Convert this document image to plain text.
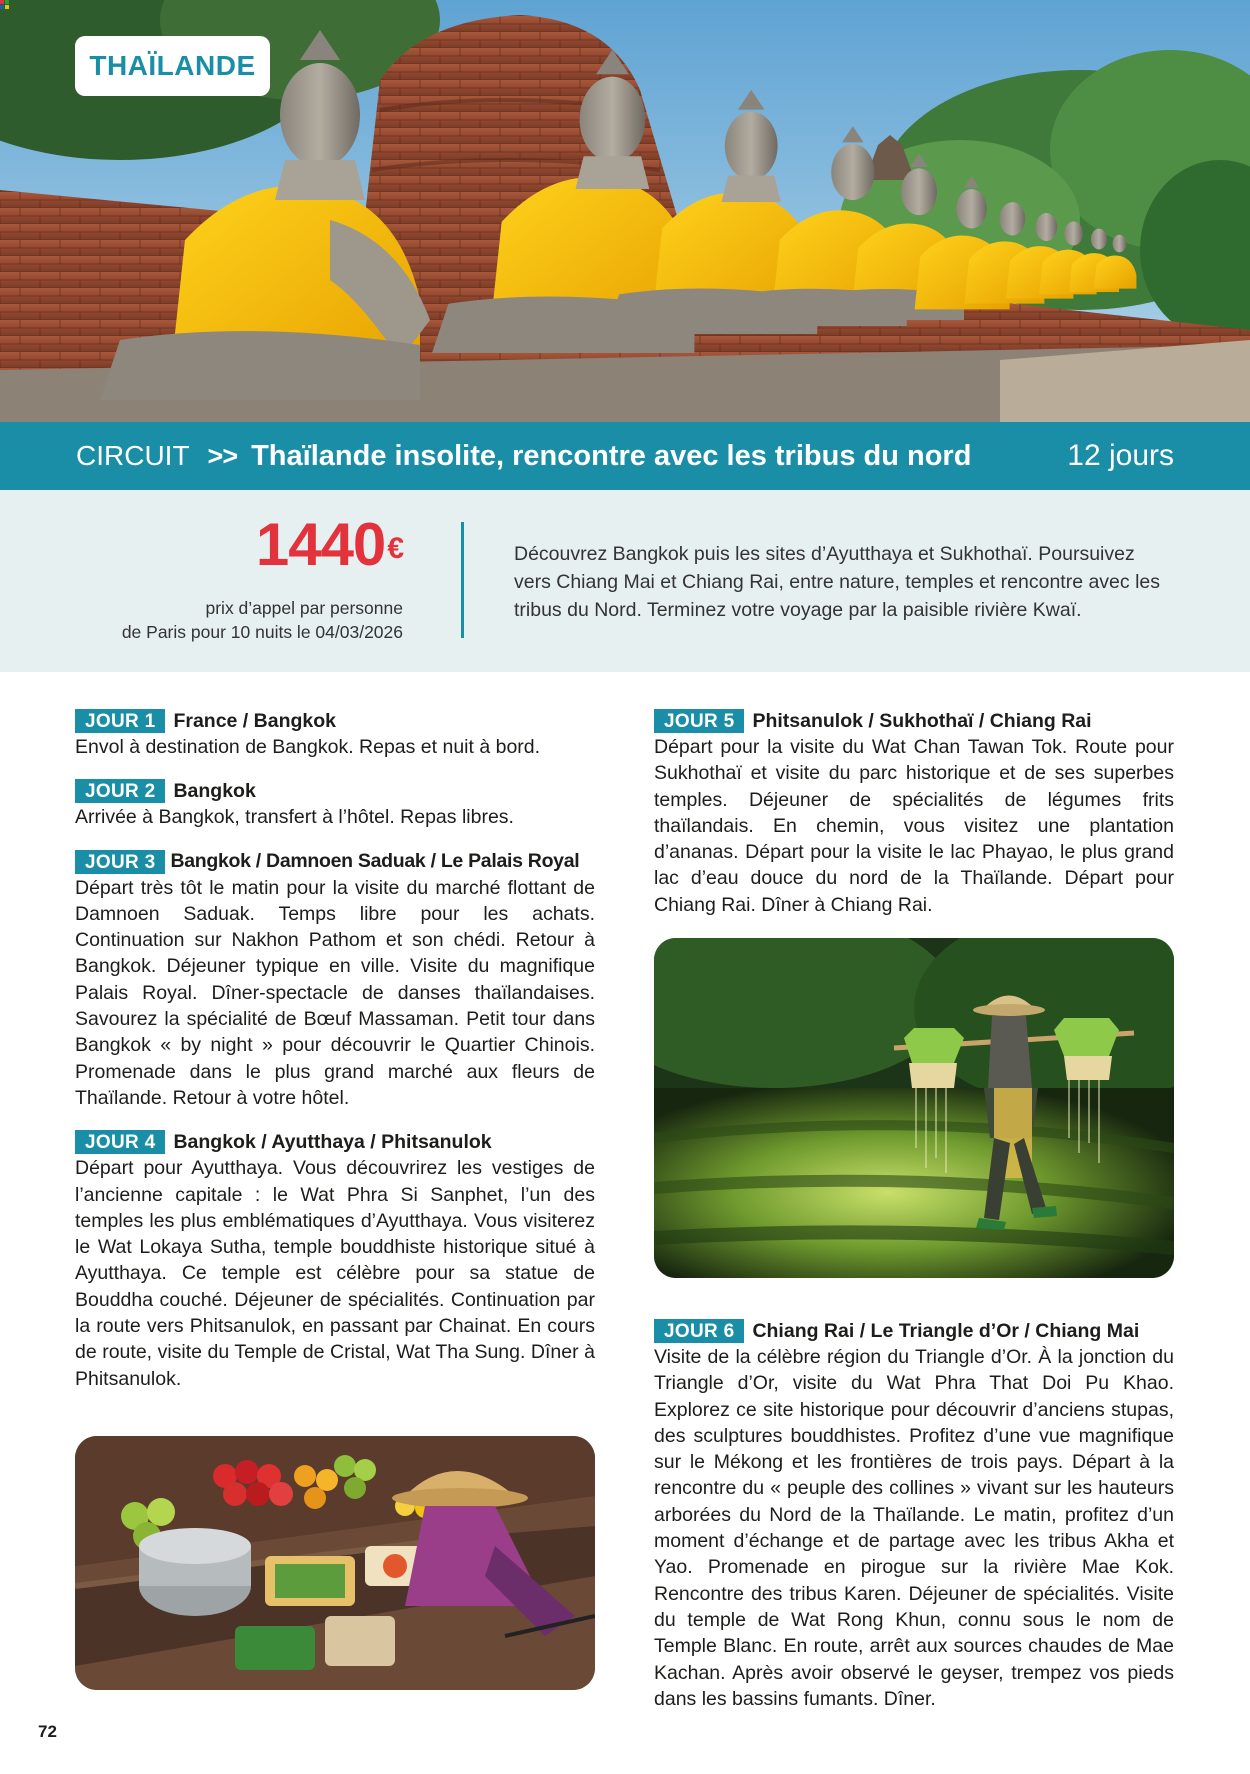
THAÏLANDE
CIRCUIT >> Thaïlande insolite, rencontre avec les tribus du nord	12 jours
1440€
prix d’appel par personne
de Paris pour 10 nuits le 04/03/2026
Découvrez Bangkok puis les sites d’Ayutthaya et Sukhothaï. Poursuivez vers Chiang Mai et Chiang Rai, entre nature, temples et rencontre avec les tribus du Nord. Terminez votre voyage par la paisible rivière Kwaï.
JOUR 1 France / Bangkok
Envol à destination de Bangkok. Repas et nuit à bord.
JOUR 2 Bangkok
Arrivée à Bangkok, transfert à l’hôtel. Repas libres.
JOUR 3 Bangkok / Damnoen Saduak / Le Palais Royal
Départ très tôt le matin pour la visite du marché flottant de Damnoen Saduak. Temps libre pour les achats. Continuation sur Nakhon Pathom et son chédi. Retour à Bangkok. Déjeuner typique en ville. Visite du magnifique Palais Royal. Dîner-spectacle de danses thaïlandaises. Savourez la spécialité de Bœuf Massaman. Petit tour dans Bangkok « by night » pour découvrir le Quartier Chinois. Promenade dans le plus grand marché aux fleurs de Thaïlande. Retour à votre hôtel.
JOUR 4 Bangkok / Ayutthaya / Phitsanulok
Départ pour Ayutthaya. Vous découvrirez les vestiges de l’ancienne capitale : le Wat Phra Si Sanphet, l’un des temples les plus emblématiques d’Ayutthaya. Vous visiterez le Wat Lokaya Sutha, temple bouddhiste historique situé à Ayutthaya. Ce temple est célèbre pour sa statue de Bouddha couché. Déjeuner de spécialités. Continuation par la route vers Phitsanulok, en passant par Chainat. En cours de route, visite du Temple de Cristal, Wat Tha Sung. Dîner à Phitsanulok.
JOUR 5 Phitsanulok / Sukhothaï / Chiang Rai
Départ pour la visite du Wat Chan Tawan Tok. Route pour Sukhothaï et visite du parc historique et de ses superbes temples. Déjeuner de spécialités de légumes frits thaïlandais. En chemin, vous visitez une plantation d’ananas. Départ pour la visite le lac Phayao, le plus grand lac d’eau douce du nord de la Thaïlande. Départ pour Chiang Rai. Dîner à Chiang Rai.
JOUR 6 Chiang Rai / Le Triangle d’Or / Chiang Mai
Visite de la célèbre région du Triangle d’Or. À la jonction du Triangle d’Or, visite du Wat Phra That Doi Pu Khao. Explorez ce site historique pour découvrir d’anciens stupas, des sculptures bouddhistes. Profitez d’une vue magnifique sur le Mékong et les frontières de trois pays. Départ à la rencontre du « peuple des collines » vivant sur les hauteurs arborées du Nord de la Thaïlande. Le matin, profitez d’un moment d’échange et de partage avec les tribus Akha et Yao. Promenade en pirogue sur la rivière Mae Kok. Rencontre des tribus Karen. Déjeuner de spécialités. Visite du temple de Wat Rong Khun, connu sous le nom de Temple Blanc. En route, arrêt aux sources chaudes de Mae Kachan. Après avoir observé le geyser, trempez vos pieds dans les bassins fumants. Dîner.
72
